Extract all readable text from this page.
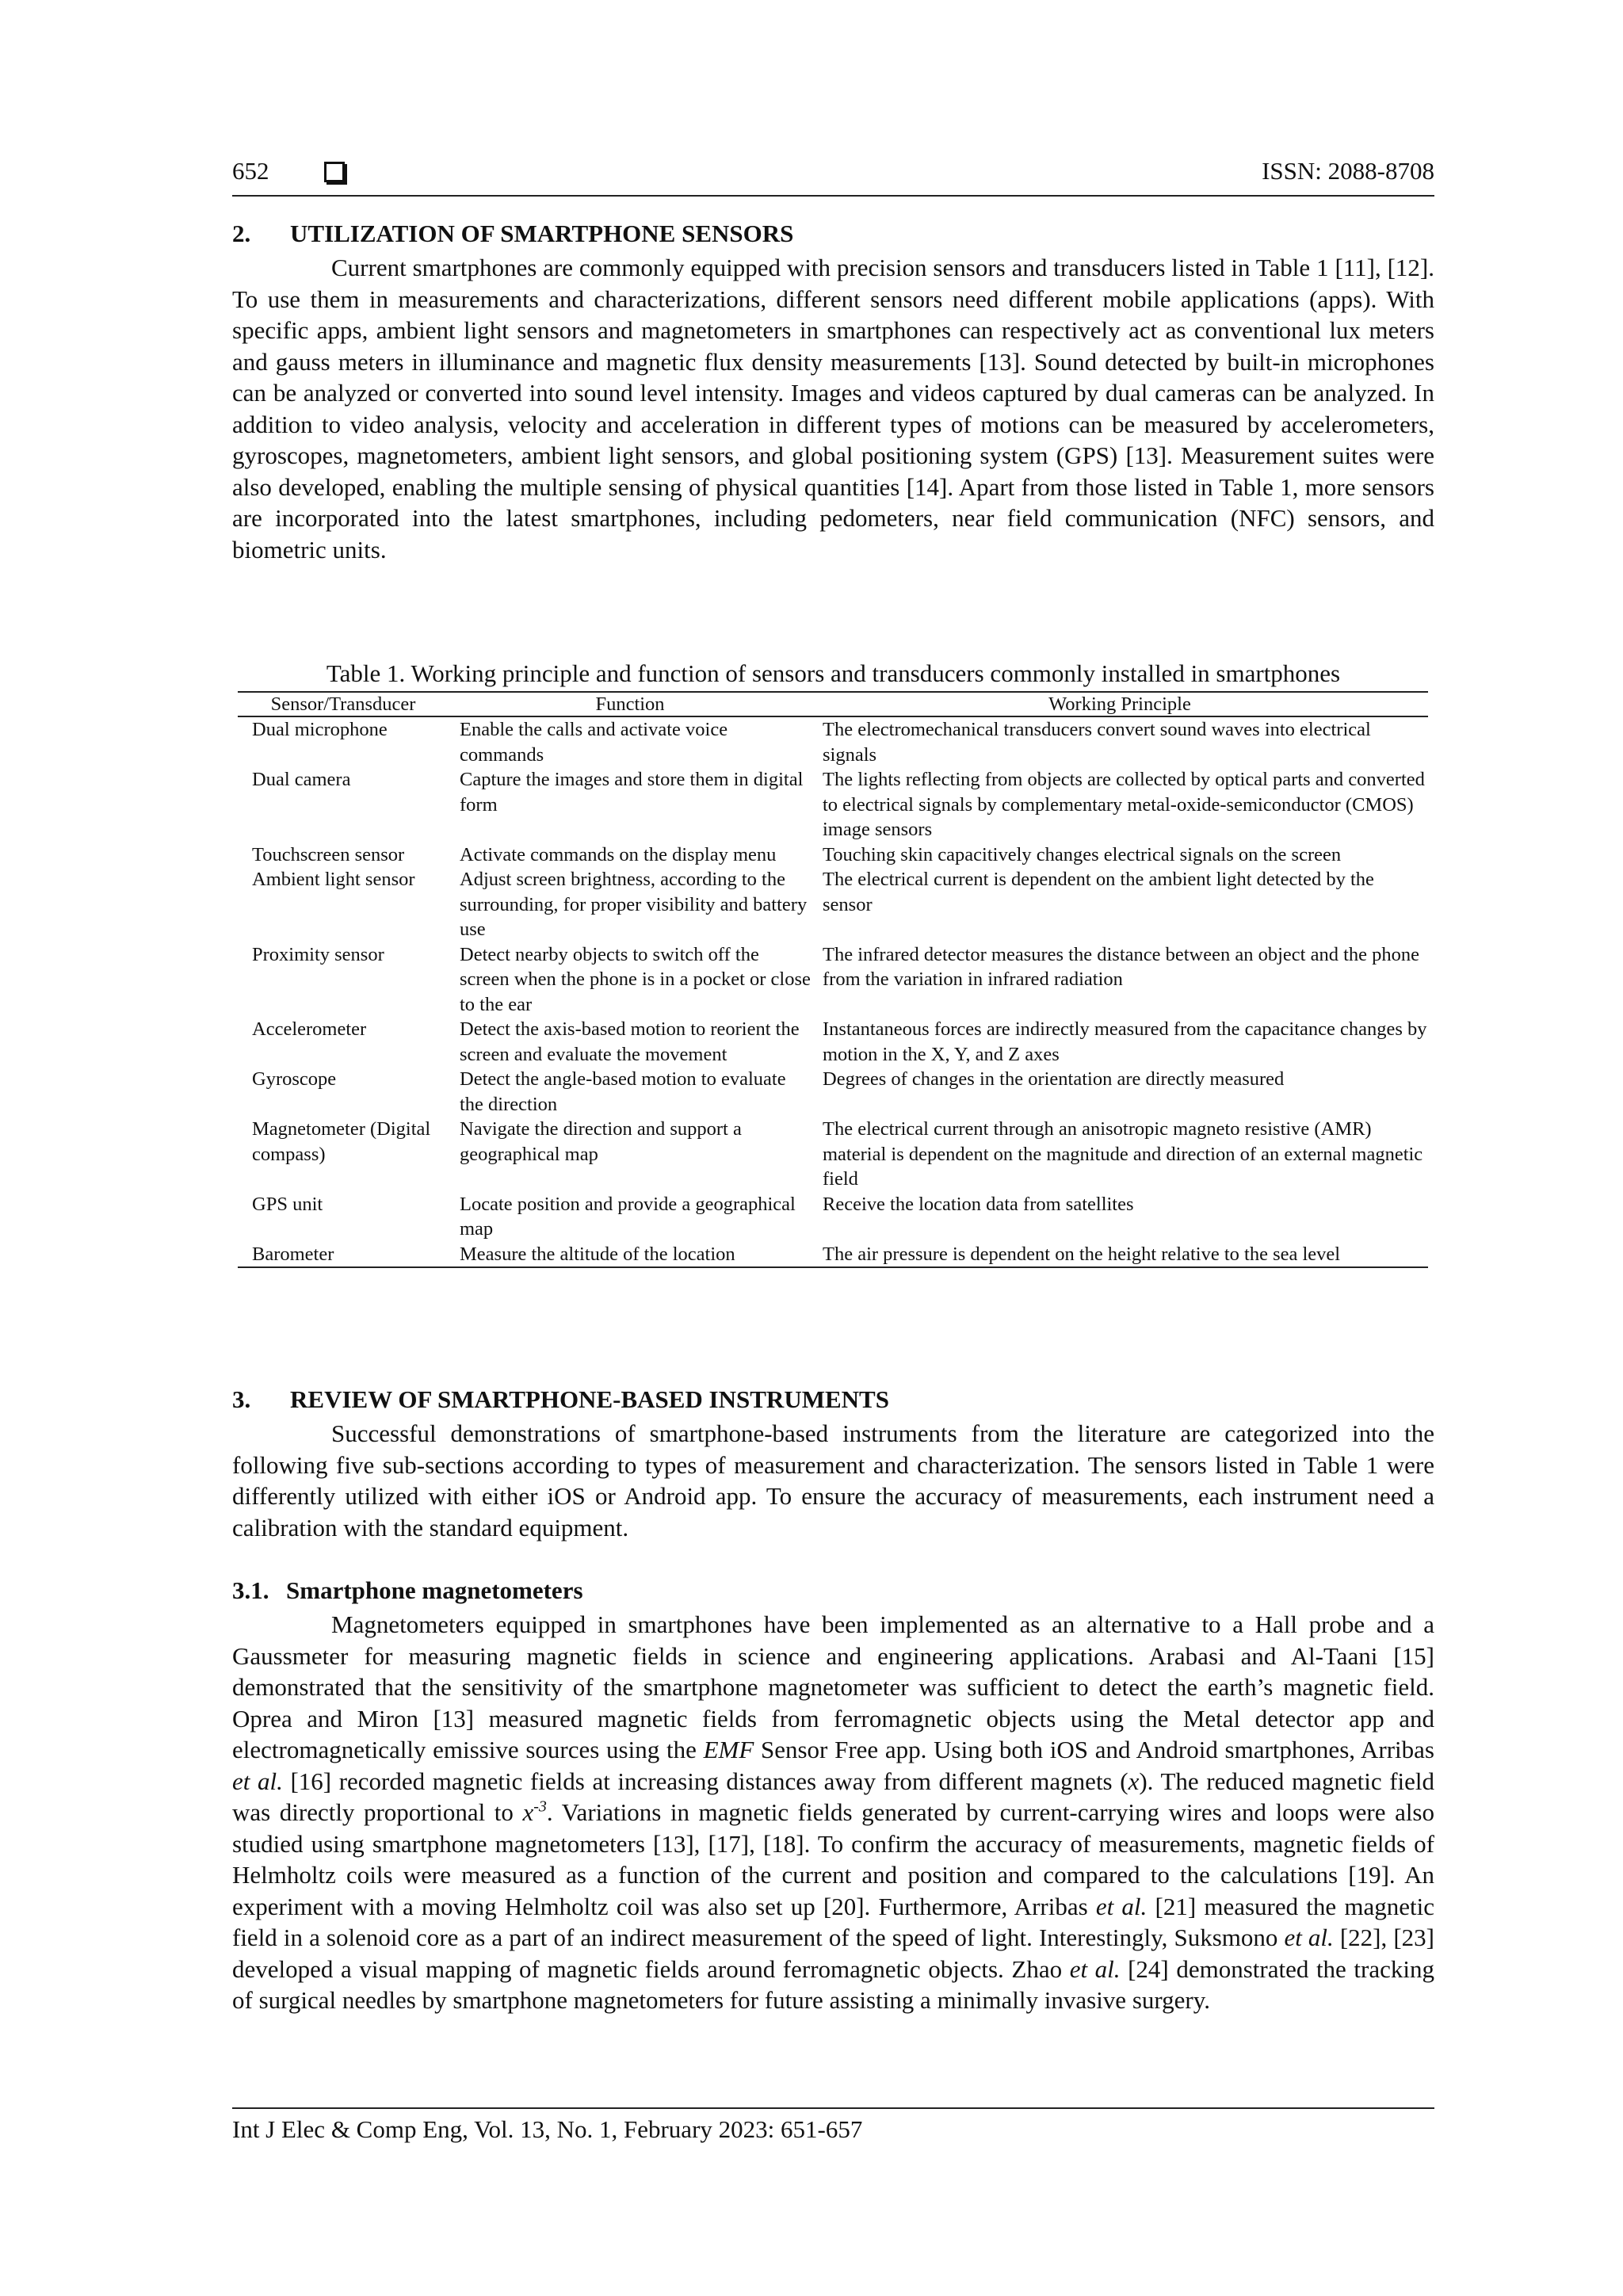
652	ISSN: 2088-8708
2. UTILIZATION OF SMARTPHONE SENSORS

Current smartphones are commonly equipped with precision sensors and transducers listed in Table 1 [11], [12]. To use them in measurements and characterizations, different sensors need different mobile applications (apps). With specific apps, ambient light sensors and magnetometers in smartphones can respectively act as conventional lux meters and gauss meters in illuminance and magnetic flux density measurements [13]. Sound detected by built-in microphones can be analyzed or converted into sound level intensity. Images and videos captured by dual cameras can be analyzed. In addition to video analysis, velocity and acceleration in different types of motions can be measured by accelerometers, gyroscopes, magnetometers, ambient light sensors, and global positioning system (GPS) [13]. Measurement suites were also developed, enabling the multiple sensing of physical quantities [14]. Apart from those listed in Table 1, more sensors are incorporated into the latest smartphones, including pedometers, near field communication (NFC) sensors, and biometric units.

Table 1. Working principle and function of sensors and transducers commonly installed in smartphones
Sensor/Transducer	Function	Working Principle
Dual microphone	Enable the calls and activate voice commands	The electromechanical transducers convert sound waves into electrical signals
Dual camera	Capture the images and store them in digital form	The lights reflecting from objects are collected by optical parts and converted to electrical signals by complementary metal-oxide-semiconductor (CMOS) image sensors
Touchscreen sensor	Activate commands on the display menu	Touching skin capacitively changes electrical signals on the screen
Ambient light sensor	Adjust screen brightness, according to the surrounding, for proper visibility and battery use	The electrical current is dependent on the ambient light detected by the sensor
Proximity sensor	Detect nearby objects to switch off the screen when the phone is in a pocket or close to the ear	The infrared detector measures the distance between an object and the phone from the variation in infrared radiation
Accelerometer	Detect the axis-based motion to reorient the screen and evaluate the movement	Instantaneous forces are indirectly measured from the capacitance changes by motion in the X, Y, and Z axes
Gyroscope	Detect the angle-based motion to evaluate the direction	Degrees of changes in the orientation are directly measured
Magnetometer (Digital compass)	Navigate the direction and support a geographical map	The electrical current through an anisotropic magneto resistive (AMR) material is dependent on the magnitude and direction of an external magnetic field
GPS unit	Locate position and provide a geographical map	Receive the location data from satellites
Barometer	Measure the altitude of the location	The air pressure is dependent on the height relative to the sea level
3. REVIEW OF SMARTPHONE-BASED INSTRUMENTS

Successful demonstrations of smartphone-based instruments from the literature are categorized into the following five sub-sections according to types of measurement and characterization. The sensors listed in Table 1 were differently utilized with either iOS or Android app. To ensure the accuracy of measurements, each instrument need a calibration with the standard equipment.

3.1. Smartphone magnetometers

Magnetometers equipped in smartphones have been implemented as an alternative to a Hall probe and a Gaussmeter for measuring magnetic fields in science and engineering applications. Arabasi and Al-Taani [15] demonstrated that the sensitivity of the smartphone magnetometer was sufficient to detect the earth’s magnetic field. Oprea and Miron [13] measured magnetic fields from ferromagnetic objects using the Metal detector app and electromagnetically emissive sources using the EMF Sensor Free app. Using both iOS and Android smartphones, Arribas et al. [16] recorded magnetic fields at increasing distances away from different magnets (x). The reduced magnetic field was directly proportional to $x^{-3}$. Variations in magnetic fields generated by current-carrying wires and loops were also studied using smartphone magnetometers [13], [17], [18]. To confirm the accuracy of measurements, magnetic fields of Helmholtz coils were measured as a function of the current and position and compared to the calculations [19]. An experiment with a moving Helmholtz coil was also set up [20]. Furthermore, Arribas et al. [21] measured the magnetic field in a solenoid core as a part of an indirect measurement of the speed of light. Interestingly, Suksmono et al. [22], [23] developed a visual mapping of magnetic fields around ferromagnetic objects. Zhao et al. [24] demonstrated the tracking of surgical needles by smartphone magnetometers for future assisting a minimally invasive surgery.

Int J Elec & Comp Eng, Vol. 13, No. 1, February 2023: 651-657
